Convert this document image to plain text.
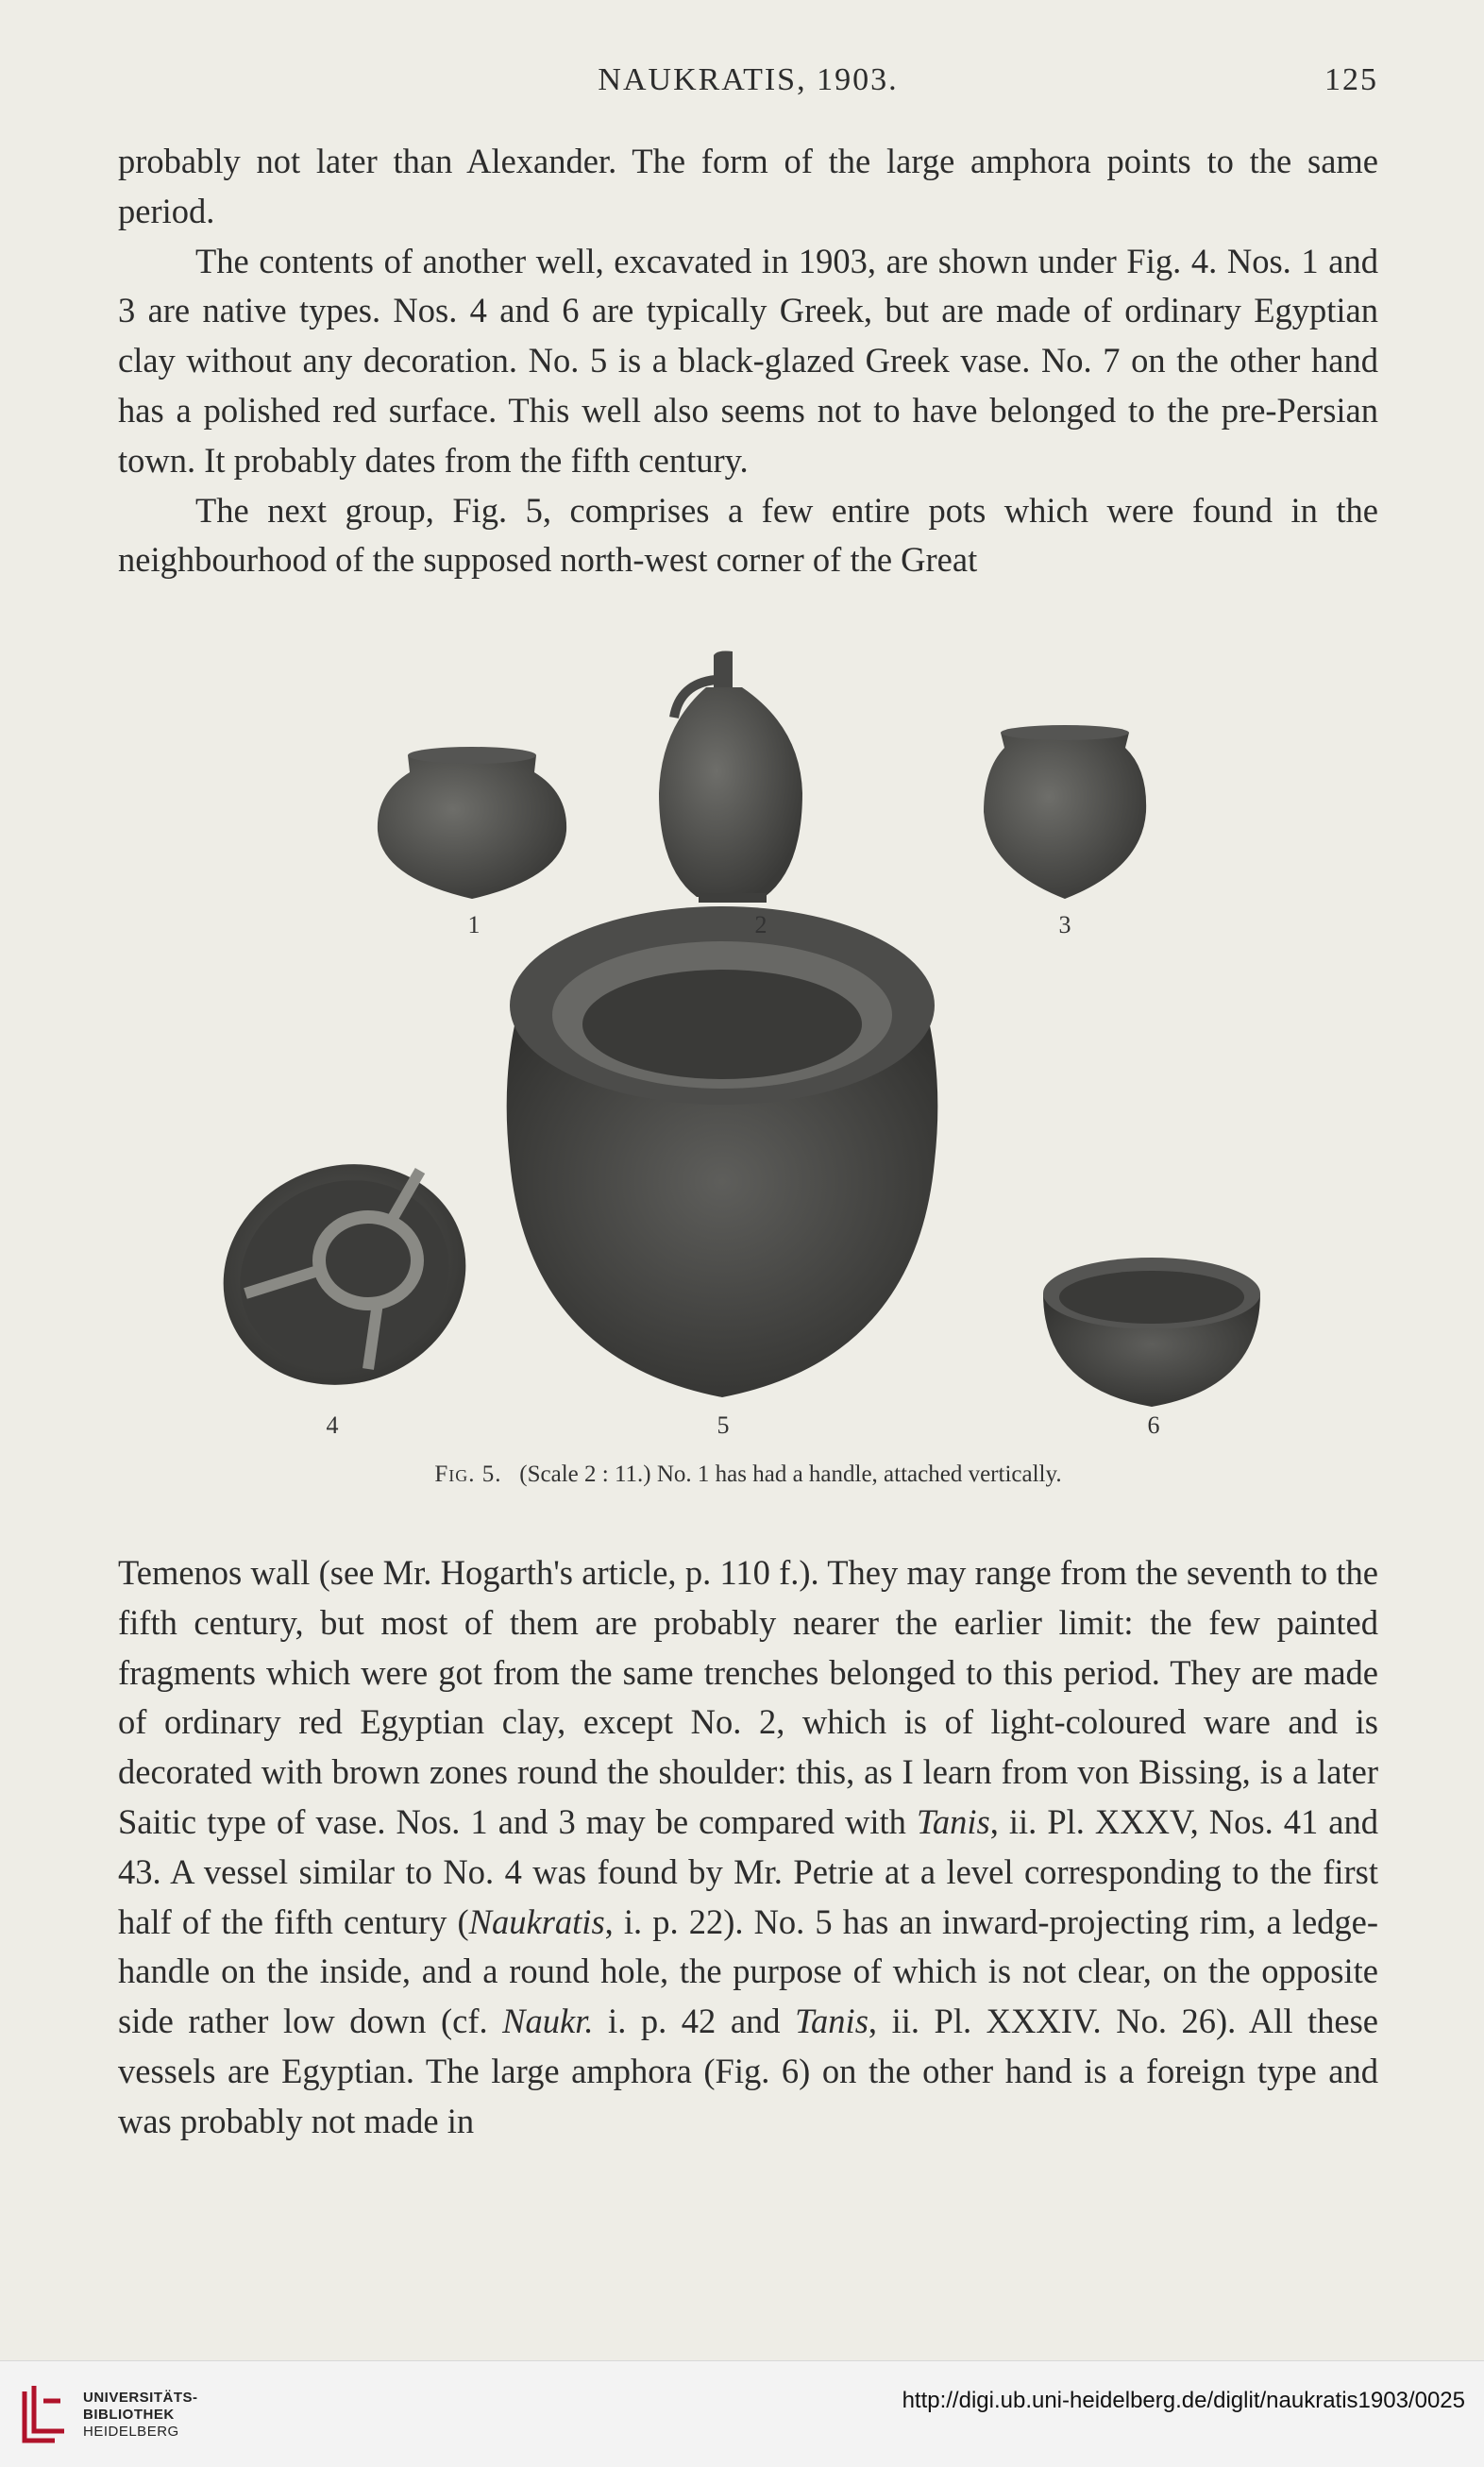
NAUKRATIS, 1903.	125
probably not later than Alexander. The form of the large amphora points to the same period.
The contents of another well, excavated in 1903, are shown under Fig. 4. Nos. 1 and 3 are native types. Nos. 4 and 6 are typically Greek, but are made of ordinary Egyptian clay without any decoration. No. 5 is a black-glazed Greek vase. No. 7 on the other hand has a polished red surface. This well also seems not to have belonged to the pre-Persian town. It probably dates from the fifth century.
The next group, Fig. 5, comprises a few entire pots which were found in the neighbourhood of the supposed north-west corner of the Great
1	2	3
4	5	6
Fig. 5. (Scale 2 : 11.) No. 1 has had a handle, attached vertically.
Temenos wall (see Mr. Hogarth's article, p. 110 f.). They may range from the seventh to the fifth century, but most of them are probably nearer the earlier limit: the few painted fragments which were got from the same trenches belonged to this period. They are made of ordinary red Egyptian clay, except No. 2, which is of light-coloured ware and is decorated with brown zones round the shoulder: this, as I learn from von Bissing, is a later Saitic type of vase. Nos. 1 and 3 may be compared with Tanis, ii. Pl. XXXV, Nos. 41 and 43. A vessel similar to No. 4 was found by Mr. Petrie at a level corresponding to the first half of the fifth century (Naukratis, i. p. 22). No. 5 has an inward-projecting rim, a ledge-handle on the inside, and a round hole, the purpose of which is not clear, on the opposite side rather low down (cf. Naukr. i. p. 42 and Tanis, ii. Pl. XXXIV. No. 26). All these vessels are Egyptian. The large amphora (Fig. 6) on the other hand is a foreign type and was probably not made in
UNIVERSITÄTS-
BIBLIOTHEK
HEIDELBERG
http://digi.ub.uni-heidelberg.de/diglit/naukratis1903/0025
